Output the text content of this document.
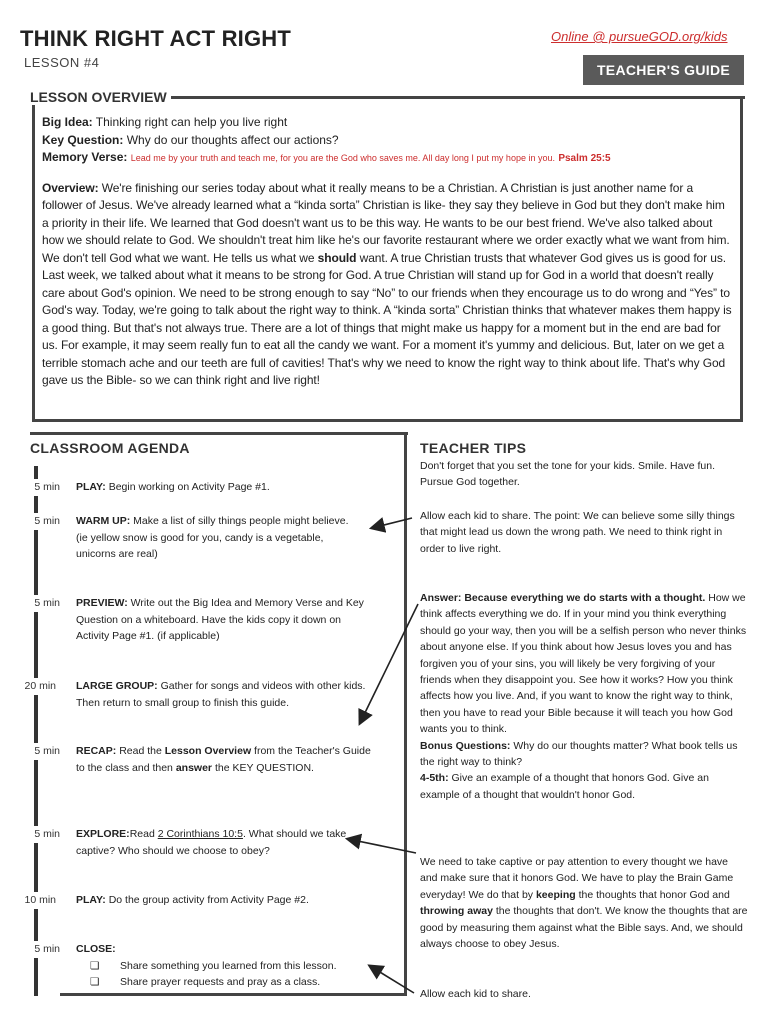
THINK RIGHT ACT RIGHT
LESSON #4
Online @ pursueGOD.org/kids
TEACHER'S GUIDE
LESSON OVERVIEW
Big Idea: Thinking right can help you live right
Key Question: Why do our thoughts affect our actions?
Memory Verse: Lead me by your truth and teach me, for you are the God who saves me. All day long I put my hope in you. Psalm 25:5
Overview: We're finishing our series today about what it really means to be a Christian. A Christian is just another name for a follower of Jesus. We've already learned what a “kinda sorta” Christian is like- they say they believe in God but they don't make him a priority in their life. We learned that God doesn't want us to be this way. He wants to be our best friend. We've also talked about how we should relate to God. We shouldn't treat him like he's our favorite restaurant where we order exactly what we want from him. We don't tell God what we want. He tells us what we should want. A true Christian trusts that whatever God gives us is good for us. Last week, we talked about what it means to be strong for God. A true Christian will stand up for God in a world that doesn't really care about God's opinion. We need to be strong enough to say “No” to our friends when they encourage us to do wrong and “Yes” to God's way. Today, we're going to talk about the right way to think. A “kinda sorta” Christian thinks that whatever makes them happy is a good thing. But that's not always true. There are a lot of things that might make us happy for a moment but in the end are bad for us. For example, it may seem really fun to eat all the candy we want. For a moment it's yummy and delicious. But, later on we get a terrible stomach ache and our teeth are full of cavities! That's why we need to know the right way to think about life. That's why God gave us the Bible- so we can think right and live right!
CLASSROOM AGENDA
5 min PLAY: Begin working on Activity Page #1.
5 min WARM UP: Make a list of silly things people might believe. (ie yellow snow is good for you, candy is a vegetable, unicorns are real)
5 min PREVIEW: Write out the Big Idea and Memory Verse and Key Question on a whiteboard. Have the kids copy it down on Activity Page #1. (if applicable)
20 min LARGE GROUP: Gather for songs and videos with other kids. Then return to small group to finish this guide.
5 min RECAP: Read the Lesson Overview from the Teacher's Guide to the class and then answer the KEY QUESTION.
5 min EXPLORE:Read 2 Corinthians 10:5. What should we take captive? Who should we choose to obey?
10 min PLAY: Do the group activity from Activity Page #2.
5 min CLOSE:
❏ Share something you learned from this lesson.
❏ Share prayer requests and pray as a class.
TEACHER TIPS
Don't forget that you set the tone for your kids. Smile. Have fun. Pursue God together.
Allow each kid to share. The point: We can believe some silly things that might lead us down the wrong path. We need to think right in order to live right.
Answer: Because everything we do starts with a thought. How we think affects everything we do. If in your mind you think everything should go your way, then you will be a selfish person who never thinks about anyone else. If you think about how Jesus loves you and has forgiven you of your sins, you will likely be very forgiving of your friends when they disappoint you. See how it works? How you think affects how you live. And, if you want to know the right way to think, then you have to read your Bible because it will teach you how God wants you to think.
Bonus Questions: Why do our thoughts matter? What book tells us the right way to think?
4-5th: Give an example of a thought that honors God. Give an example of a thought that wouldn't honor God.
We need to take captive or pay attention to every thought we have and make sure that it honors God. We have to play the Brain Game everyday! We do that by keeping the thoughts that honor God and throwing away the thoughts that don't. We know the thoughts that are good by measuring them against what the Bible says. And, we should always choose to obey Jesus.
Allow each kid to share.
